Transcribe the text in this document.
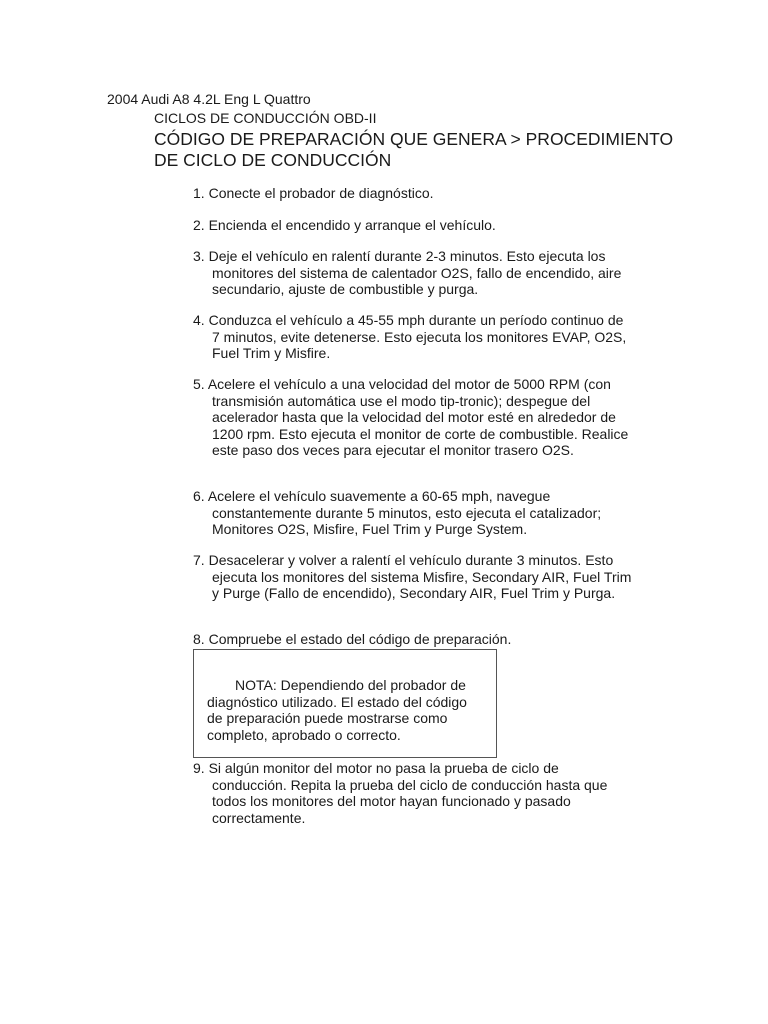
2004 Audi A8 4.2L Eng L Quattro
CICLOS DE CONDUCCIÓN OBD-II
CÓDIGO DE PREPARACIÓN QUE GENERA > PROCEDIMIENTO DE CICLO DE CONDUCCIÓN
1. Conecte el probador de diagnóstico.
2. Encienda el encendido y arranque el vehículo.
3. Deje el vehículo en ralentí durante 2-3 minutos. Esto ejecuta los monitores del sistema de calentador O2S, fallo de encendido, aire secundario, ajuste de combustible y purga.
4. Conduzca el vehículo a 45-55 mph durante un período continuo de 7 minutos, evite detenerse. Esto ejecuta los monitores EVAP, O2S, Fuel Trim y Misfire.
5. Acelere el vehículo a una velocidad del motor de 5000 RPM (con transmisión automática use el modo tip-tronic); despegue del acelerador hasta que la velocidad del motor esté en alrededor de 1200 rpm. Esto ejecuta el monitor de corte de combustible. Realice este paso dos veces para ejecutar el monitor trasero O2S.
6. Acelere el vehículo suavemente a 60-65 mph, navegue constantemente durante 5 minutos, esto ejecuta el catalizador; Monitores O2S, Misfire, Fuel Trim y Purge System.
7. Desacelerar y volver a ralentí el vehículo durante 3 minutos. Esto ejecuta los monitores del sistema Misfire, Secondary AIR, Fuel Trim y Purge (Fallo de encendido), Secondary AIR, Fuel Trim y Purga.
8. Compruebe el estado del código de preparación.
NOTA: Dependiendo del probador de diagnóstico utilizado. El estado del código de preparación puede mostrarse como completo, aprobado o correcto.
9. Si algún monitor del motor no pasa la prueba de ciclo de conducción. Repita la prueba del ciclo de conducción hasta que todos los monitores del motor hayan funcionado y pasado correctamente.
